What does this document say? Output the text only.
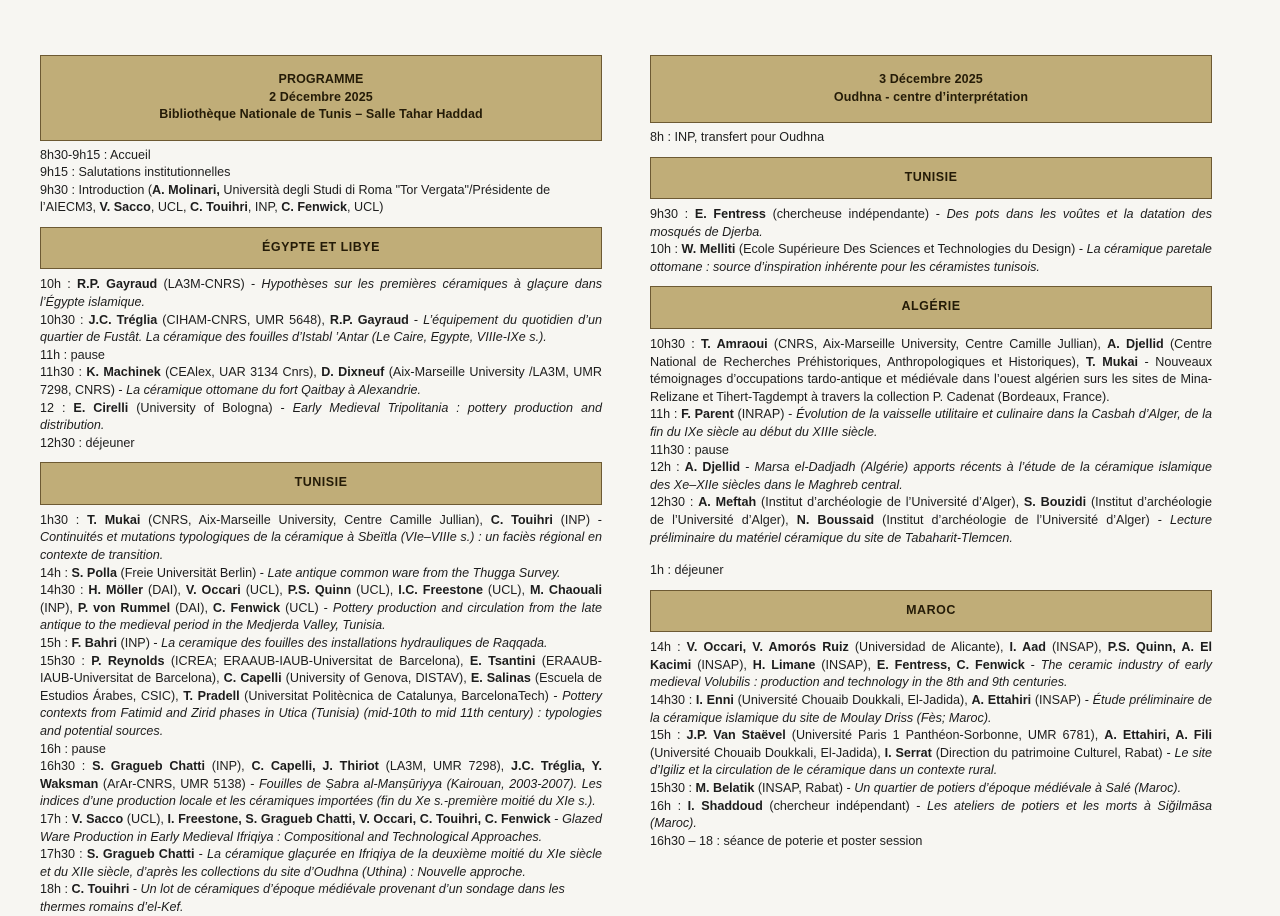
PROGRAMME
2 Décembre 2025
Bibliothèque Nationale de Tunis – Salle Tahar Haddad

8h30-9h15 : Accueil

9h15 : Salutations institutionnelles

9h30 : Introduction (A. Molinari, Università degli Studi di Roma "Tor Vergata"/Présidente de l’AIECM3, V. Sacco, UCL, C. Touihri, INP, C. Fenwick, UCL)

ÉGYPTE ET LIBYE

10h : R.P. Gayraud (LA3M-CNRS) - Hypothèses sur les premières céramiques à glaçure dans l’Égypte islamique.

10h30 : J.C. Tréglia (CIHAM-CNRS, UMR 5648), R.P. Gayraud - L’équipement du quotidien d’un quartier de Fustât. La céramique des fouilles d’Istabl ’Antar (Le Caire, Egypte, VIIIe-IXe s.).

11h : pause

11h30 : K. Machinek (CEAlex, UAR 3134 Cnrs), D. Dixneuf (Aix-Marseille University /LA3M, UMR 7298, CNRS) - La céramique ottomane du fort Qaitbay à Alexandrie.

12 : E. Cirelli (University of Bologna) - Early Medieval Tripolitania : pottery production and distribution.

12h30 : déjeuner

TUNISIE

1h30 : T. Mukai (CNRS, Aix-Marseille University, Centre Camille Jullian), C. Touihri (INP) - Continuités et mutations typologiques de la céramique à Sbeïtla (VIe–VIIIe s.) : un faciès régional en contexte de transition.

14h : S. Polla (Freie Universität Berlin) - Late antique common ware from the Thugga Survey.

14h30 : H. Möller (DAI), V. Occari (UCL), P.S. Quinn (UCL), I.C. Freestone (UCL), M. Chaouali (INP), P. von Rummel (DAI), C. Fenwick (UCL) - Pottery production and circulation from the late antique to the medieval period in the Medjerda Valley, Tunisia.

15h : F. Bahri (INP) - La ceramique des fouilles des installations hydrauliques de Raqqada.

15h30 : P. Reynolds (ICREA; ERAAUB-IAUB-Universitat de Barcelona), E. Tsantini (ERAAUB-IAUB-Universitat de Barcelona), C. Capelli (University of Genova, DISTAV), E. Salinas (Escuela de Estudios Árabes, CSIC), T. Pradell (Universitat Politècnica de Catalunya, BarcelonaTech) - Pottery contexts from Fatimid and Zirid phases in Utica (Tunisia) (mid-10th to mid 11th century) : typologies and potential sources.

16h : pause

16h30 : S. Gragueb Chatti (INP), C. Capelli, J. Thiriot (LA3M, UMR 7298), J.C. Tréglia, Y. Waksman (ArAr-CNRS, UMR 5138) - Fouilles de Ṣabra al-Manṣūriyya (Kairouan, 2003-2007). Les indices d’une production locale et les céramiques importées (fin du Xe s.-première moitié du XIe s.).

17h : V. Sacco (UCL), I. Freestone, S. Gragueb Chatti, V. Occari, C. Touihri, C. Fenwick - Glazed Ware Production in Early Medieval Ifriqiya : Compositional and Technological Approaches.

17h30 : S. Gragueb Chatti - La céramique glaçurée en Ifriqiya de la deuxième moitié du XIe siècle et du XIIe siècle, d’après les collections du site d’Oudhna (Uthina) : Nouvelle approche.

18h : C. Touihri - Un lot de céramiques d’époque médiévale provenant d’un sondage dans les thermes romains d’el-Kef.

3 Décembre 2025
Oudhna - centre d’interprétation

8h : INP, transfert pour Oudhna

TUNISIE

9h30 : E. Fentress (chercheuse indépendante) - Des pots dans les voûtes et la datation des mosqués de Djerba.

10h : W. Melliti (Ecole Supérieure Des Sciences et Technologies du Design) - La céramique paretale ottomane : source d’inspiration inhérente pour les céramistes tunisois.

ALGÉRIE

10h30 : T. Amraoui (CNRS, Aix-Marseille University, Centre Camille Jullian), A. Djellid (Centre National de Recherches Préhistoriques, Anthropologiques et Historiques), T. Mukai - Nouveaux témoignages d’occupations tardo-antique et médiévale dans l’ouest algérien surs les sites de Mina-Relizane et Tihert-Tagdempt à travers la collection P. Cadenat (Bordeaux, France).

11h : F. Parent (INRAP) - Évolution de la vaisselle utilitaire et culinaire dans la Casbah d’Alger, de la fin du IXe siècle au début du XIIIe siècle.

11h30 : pause

12h : A. Djellid - Marsa el-Dadjadh (Algérie) apports récents à l’étude de la céramique islamique des Xe–XIIe siècles dans le Maghreb central.

12h30 : A. Meftah (Institut d’archéologie de l’Université d’Alger), S. Bouzidi (Institut d’archéologie de l’Université d’Alger), N. Boussaid (Institut d’archéologie de l’Université d’Alger) - Lecture préliminaire du matériel céramique du site de Tabaharit-Tlemcen.

1h : déjeuner

MAROC

14h : V. Occari, V. Amorós Ruiz (Universidad de Alicante), I. Aad (INSAP), P.S. Quinn, A. El Kacimi (INSAP), H. Limane (INSAP), E. Fentress, C. Fenwick - The ceramic industry of early medieval Volubilis : production and technology in the 8th and 9th centuries.

14h30 : I. Enni (Université Chouaib Doukkali, El-Jadida), A. Ettahiri (INSAP) - Étude préliminaire de la céramique islamique du site de Moulay Driss (Fès; Maroc).

15h : J.P. Van Staëvel (Université Paris 1 Panthéon-Sorbonne, UMR 6781), A. Ettahiri, A. Fili (Université Chouaib Doukkali, El-Jadida), I. Serrat (Direction du patrimoine Culturel, Rabat) - Le site d’Igiliz et la circulation de le céramique dans un contexte rural.

15h30 : M. Belatik (INSAP, Rabat) - Un quartier de potiers d’époque médiévale à Salé (Maroc).

16h : I. Shaddoud (chercheur indépendant) - Les ateliers de potiers et les morts à Siǧilmāsa (Maroc).

16h30 – 18 : séance de poterie et poster session
